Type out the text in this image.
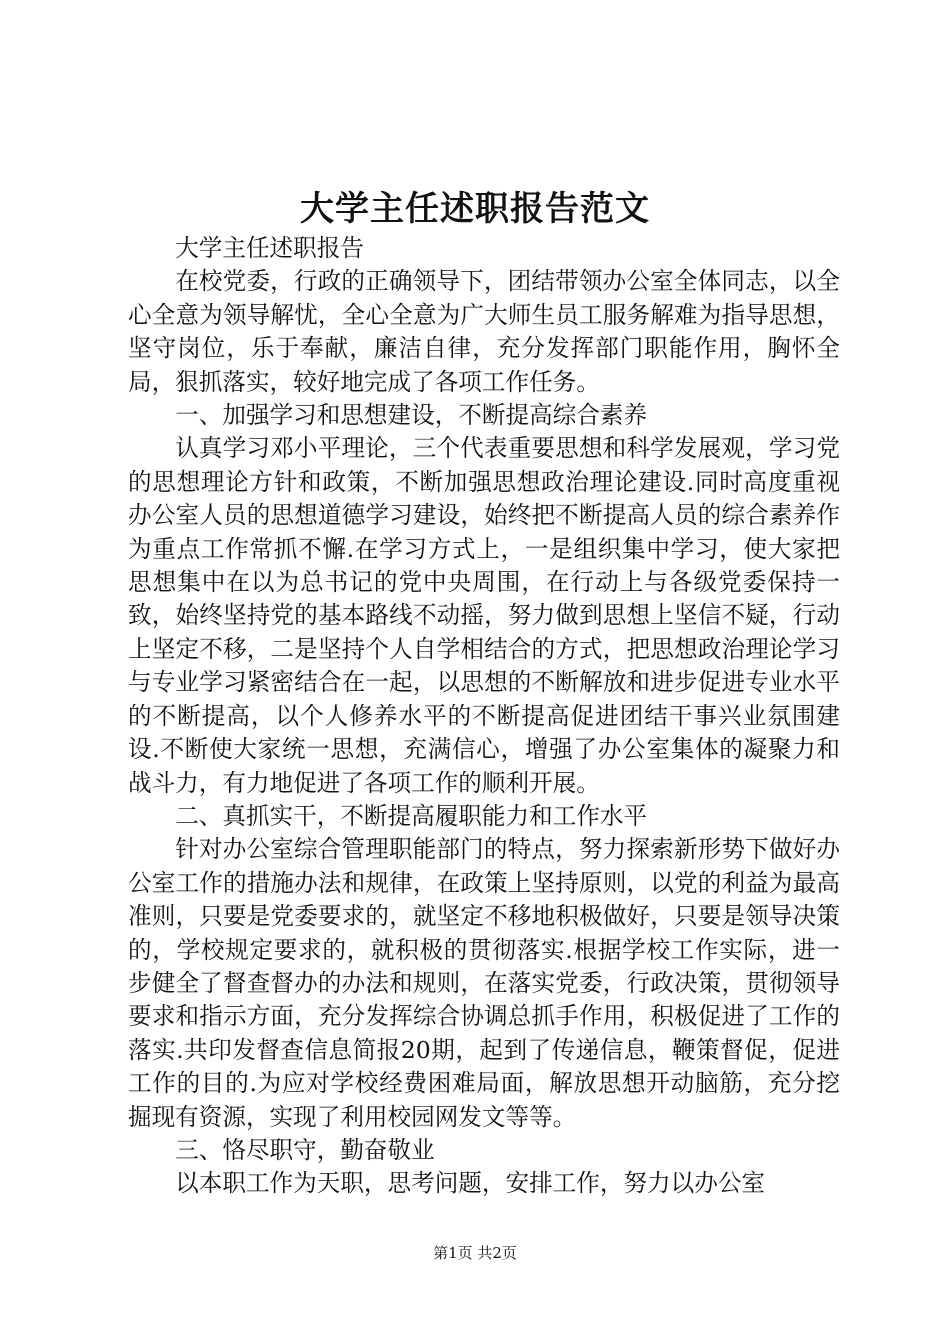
大学主任述职报告范文

大学主任述职报告

在校党委，行政的正确领导下，团结带领办公室全体同志，以全心全意为领导解忧，全心全意为广大师生员工服务解难为指导思想，坚守岗位，乐于奉献，廉洁自律，充分发挥部门职能作用，胸怀全局，狠抓落实，较好地完成了各项工作任务。

一、加强学习和思想建设，不断提高综合素养

认真学习邓小平理论，三个代表重要思想和科学发展观，学习党的思想理论方针和政策，不断加强思想政治理论建设.同时高度重视办公室人员的思想道德学习建设，始终把不断提高人员的综合素养作为重点工作常抓不懈.在学习方式上，一是组织集中学习，使大家把思想集中在以为总书记的党中央周围，在行动上与各级党委保持一致，始终坚持党的基本路线不动摇，努力做到思想上坚信不疑，行动上坚定不移，二是坚持个人自学相结合的方式，把思想政治理论学习与专业学习紧密结合在一起，以思想的不断解放和进步促进专业水平的不断提高，以个人修养水平的不断提高促进团结干事兴业氛围建设.不断使大家统一思想，充满信心，增强了办公室集体的凝聚力和战斗力，有力地促进了各项工作的顺利开展。

二、真抓实干，不断提高履职能力和工作水平

针对办公室综合管理职能部门的特点，努力探索新形势下做好办公室工作的措施办法和规律，在政策上坚持原则，以党的利益为最高准则，只要是党委要求的，就坚定不移地积极做好，只要是领导决策的，学校规定要求的，就积极的贯彻落实.根据学校工作实际，进一步健全了督查督办的办法和规则，在落实党委，行政决策，贯彻领导要求和指示方面，充分发挥综合协调总抓手作用，积极促进了工作的落实.共印发督查信息简报20期，起到了传递信息，鞭策督促，促进工作的目的.为应对学校经费困难局面，解放思想开动脑筋，充分挖掘现有资源，实现了利用校园网发文等等。

三、恪尽职守，勤奋敬业

以本职工作为天职，思考问题，安排工作，努力以办公室

第1页 共2页
